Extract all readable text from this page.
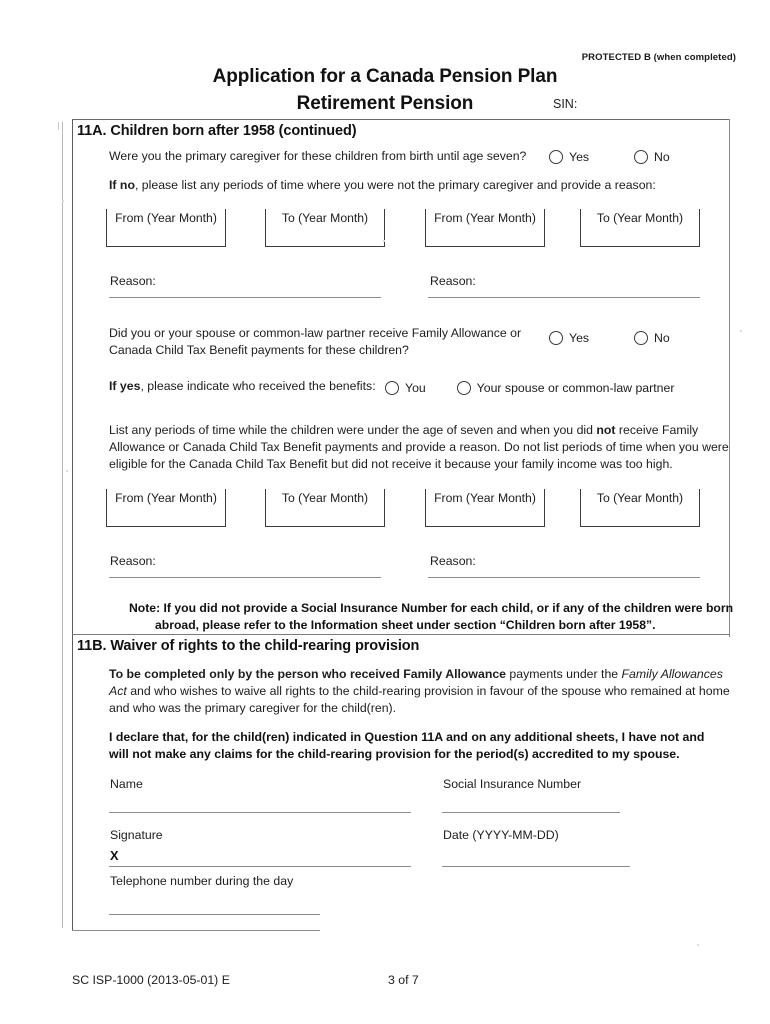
PROTECTED B (when completed)
Application for a Canada Pension Plan
Retirement Pension	SIN:
11A. Children born after 1958 (continued)
Were you the primary caregiver for these children from birth until age seven?	Yes
	No
If no, please list any periods of time where you were not the primary caregiver and provide a reason:
From (Year Month)	To (Year Month)	From (Year Month)	To (Year Month)
Reason:	Reason:
Did you or your spouse or common-law partner receive Family Allowance or
Canada Child Tax Benefit payments for these children?
Yes
	No
If yes, please indicate who received the benefits:	You
	Your spouse or common-law partner
List any periods of time while the children were under the age of seven and when you did not receive Family Allowance or Canada Child Tax Benefit payments and provide a reason. Do not list periods of time when you were eligible for the Canada Child Tax Benefit but did not receive it because your family income was too high.
From (Year Month)	To (Year Month)	From (Year Month)	To (Year Month)
Reason:	Reason:
Note: If you did not provide a Social Insurance Number for each child, or if any of the children were born abroad, please refer to the Information sheet under section “Children born after 1958”.
11B. Waiver of rights to the child-rearing provision
To be completed only by the person who received Family Allowance payments under the Family Allowances Act and who wishes to waive all rights to the child-rearing provision in favour of the spouse who remained at home and who was the primary caregiver for the child(ren).
I declare that, for the child(ren) indicated in Question 11A and on any additional sheets, I have not and will not make any claims for the child-rearing provision for the period(s) accredited to my spouse.
Name	Social Insurance Number
Signature
X
Date (YYYY-MM-DD)
Telephone number during the day
SC ISP-1000 (2013-05-01) E	3 of 7
